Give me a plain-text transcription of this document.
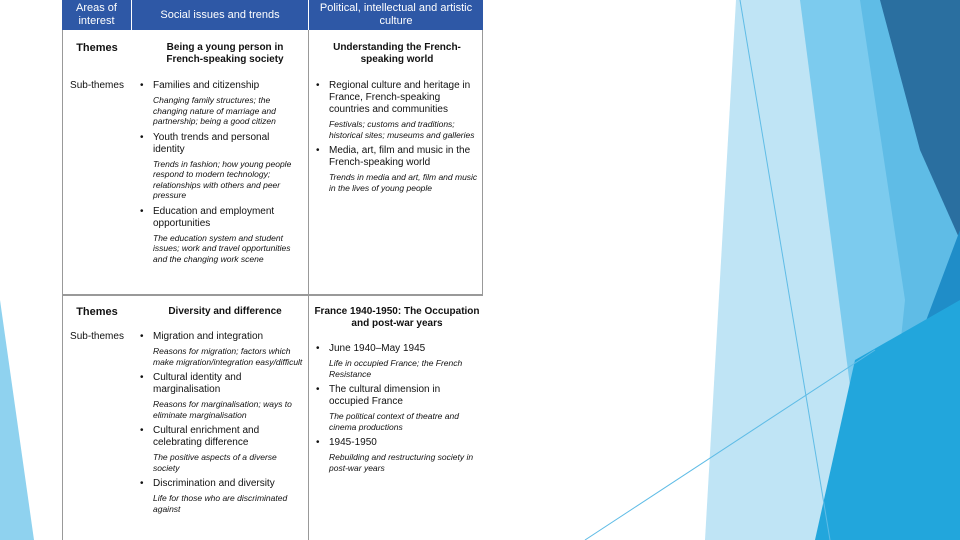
Areas of interest
Social issues and trends
Political, intellectual and artistic culture
Themes
Sub-themes
Being a young person in French-speaking society
Understanding the French-speaking world
• Families and citizenship
Changing family structures; the changing nature of marriage and partnership; being a good citizen
• Youth trends and personal identity
Trends in fashion; how young people respond to modern technology; relationships with others and peer pressure
• Education and employment opportunities
The education system and student issues; work and travel opportunities and the changing work scene
• Regional culture and heritage in France, French-speaking countries and communities
Festivals; customs and traditions; historical sites; museums and galleries
• Media, art, film and music in the French-speaking world
Trends in media and art, film and music in the lives of young people
Themes
Sub-themes
Diversity and difference	France 1940-1950: The Occupation and post-war years
• Migration and integration
Reasons for migration; factors which make migration/integration easy/difficult
• Cultural identity and marginalisation
Reasons for marginalisation; ways to eliminate marginalisation
• Cultural enrichment and celebrating difference
The positive aspects of a diverse society
• Discrimination and diversity
Life for those who are discriminated against
• June 1940–May 1945
Life in occupied France; the French Resistance
• The cultural dimension in occupied France
The political context of theatre and cinema productions
• 1945-1950
Rebuilding and restructuring society in post-war years
